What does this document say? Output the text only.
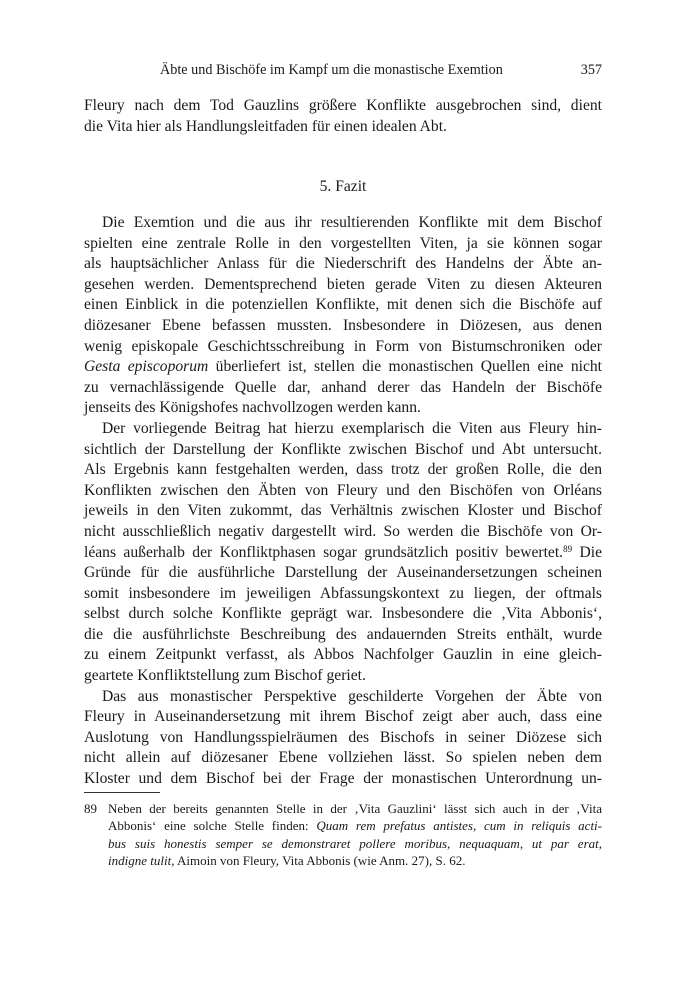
Äbte und Bischöfe im Kampf um die monastische Exemtion	357
Fleury nach dem Tod Gauzlins größere Konflikte ausgebrochen sind, dient
die Vita hier als Handlungsleitfaden für einen idealen Abt.
5. Fazit
Die Exemtion und die aus ihr resultierenden Konflikte mit dem Bischof
spielten eine zentrale Rolle in den vorgestellten Viten, ja sie können sogar
als hauptsächlicher Anlass für die Niederschrift des Handelns der Äbte an-
gesehen werden. Dementsprechend bieten gerade Viten zu diesen Akteuren
einen Einblick in die potenziellen Konflikte, mit denen sich die Bischöfe auf
diözesaner Ebene befassen mussten. Insbesondere in Diözesen, aus denen
wenig episkopale Geschichtsschreibung in Form von Bistumschroniken oder
Gesta episcoporum überliefert ist, stellen die monastischen Quellen eine nicht
zu vernachlässigende Quelle dar, anhand derer das Handeln der Bischöfe
jenseits des Königshofes nachvollzogen werden kann.
Der vorliegende Beitrag hat hierzu exemplarisch die Viten aus Fleury hin-
sichtlich der Darstellung der Konflikte zwischen Bischof und Abt untersucht.
Als Ergebnis kann festgehalten werden, dass trotz der großen Rolle, die den
Konflikten zwischen den Äbten von Fleury und den Bischöfen von Orléans
jeweils in den Viten zukommt, das Verhältnis zwischen Kloster und Bischof
nicht ausschließlich negativ dargestellt wird. So werden die Bischöfe von Or-
léans außerhalb der Konfliktphasen sogar grundsätzlich positiv bewertet.$^{89}$ Die
Gründe für die ausführliche Darstellung der Auseinandersetzungen scheinen
somit insbesondere im jeweiligen Abfassungskontext zu liegen, der oftmals
selbst durch solche Konflikte geprägt war. Insbesondere die ‚Vita Abbonis‘,
die die ausführlichste Beschreibung des andauernden Streits enthält, wurde
zu einem Zeitpunkt verfasst, als Abbos Nachfolger Gauzlin in eine gleich-
geartete Konfliktstellung zum Bischof geriet.
Das aus monastischer Perspektive geschilderte Vorgehen der Äbte von
Fleury in Auseinandersetzung mit ihrem Bischof zeigt aber auch, dass eine
Auslotung von Handlungsspielräumen des Bischofs in seiner Diözese sich
nicht allein auf diözesaner Ebene vollziehen lässt. So spielen neben dem
Kloster und dem Bischof bei der Frage der monastischen Unterordnung un-
89 Neben der bereits genannten Stelle in der ‚Vita Gauzlini‘ lässt sich auch in der ‚Vita
Abbonis‘ eine solche Stelle finden: Quam rem prefatus antistes, cum in reliquis acti-
bus suis honestis semper se demonstraret pollere moribus, nequaquam, ut par erat,
indigne tulit, Aimoin von Fleury, Vita Abbonis (wie Anm. 27), S. 62.
